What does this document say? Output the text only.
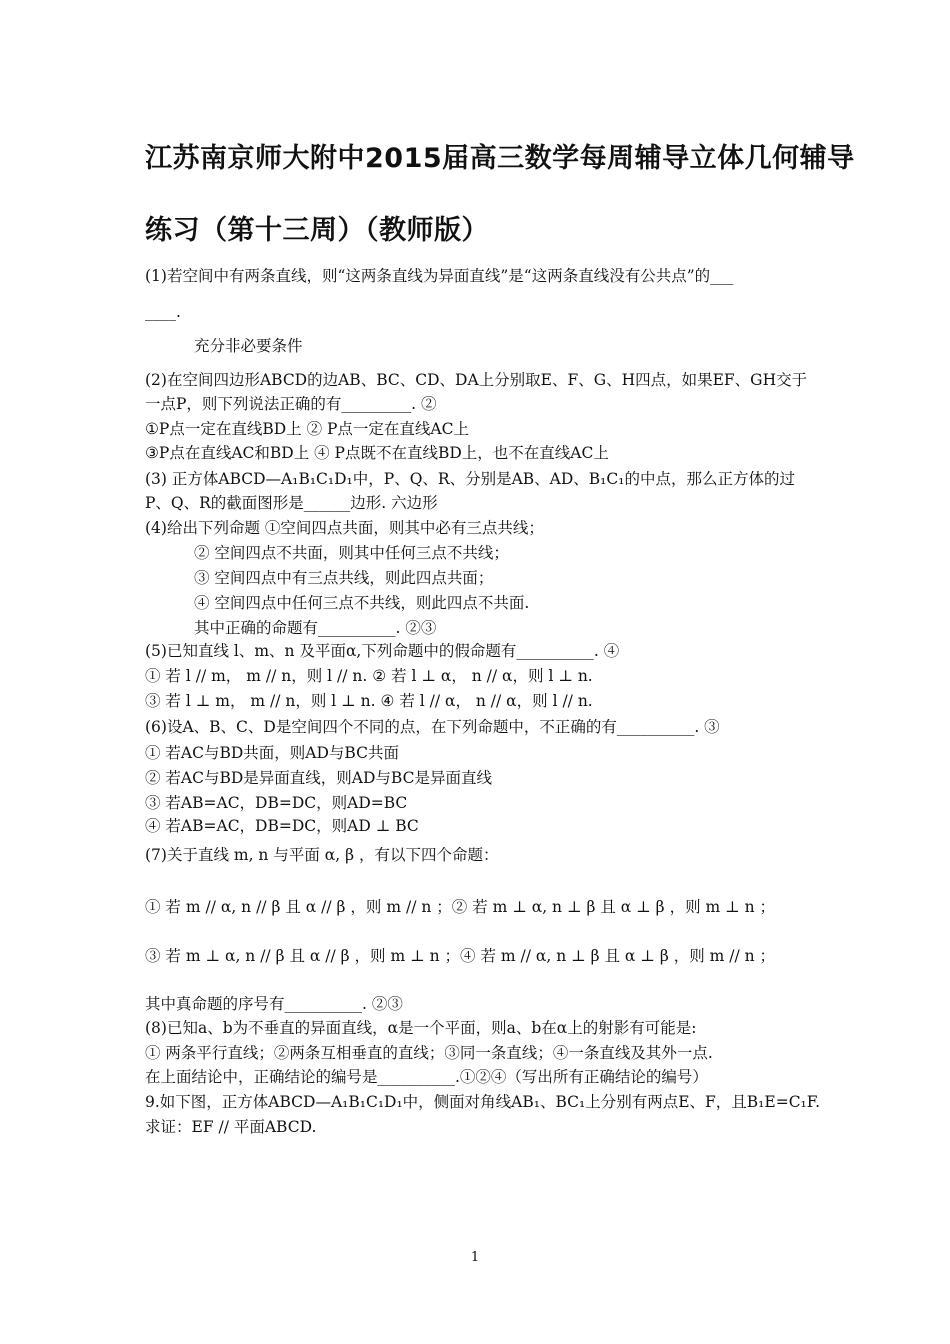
江苏南京师大附中2015届高三数学每周辅导立体几何辅导
练习（第十三周）（教师版）
(1)若空间中有两条直线，则“这两条直线为异面直线”是“这两条直线没有公共点”的___
____.
充分非必要条件
(2)在空间四边形ABCD的边AB、BC、CD、DA上分别取E、F、G、H四点，如果EF、GH交于
一点P，则下列说法正确的有_________. ②
①P点一定在直线BD上 ② P点一定在直线AC上
③P点在直线AC和BD上 ④ P点既不在直线BD上，也不在直线AC上
(3) 正方体ABCD—A₁B₁C₁D₁中，P、Q、R、分别是AB、AD、B₁C₁的中点，那么正方体的过
P、Q、R的截面图形是______边形. 六边形
(4)给出下列命题 ①空间四点共面，则其中必有三点共线；
② 空间四点不共面，则其中任何三点不共线；
③ 空间四点中有三点共线，则此四点共面；
④ 空间四点中任何三点不共线，则此四点不共面.
其中正确的命题有__________. ②③
(5)已知直线 l、m、n 及平面α,下列命题中的假命题有__________. ④
① 若 l // m， m // n，则 l // n. ② 若 l ⊥ α， n // α，则 l ⊥ n.
③ 若 l ⊥ m， m // n，则 l ⊥ n. ④ 若 l // α， n // α，则 l // n.
(6)设A、B、C、D是空间四个不同的点，在下列命题中，不正确的有__________. ③
① 若AC与BD共面，则AD与BC共面
② 若AC与BD是异面直线，则AD与BC是异面直线
③ 若AB=AC，DB=DC，则AD=BC
④ 若AB=AC，DB=DC，则AD ⊥ BC
(7)关于直线 m, n 与平面 α, β ，有以下四个命题：
① 若 m // α, n // β 且 α // β ，则 m // n ；② 若 m ⊥ α, n ⊥ β 且 α ⊥ β ，则 m ⊥ n ；
③ 若 m ⊥ α, n // β 且 α // β ，则 m ⊥ n ；④ 若 m // α, n ⊥ β 且 α ⊥ β ，则 m // n ；
其中真命题的序号有__________. ②③
(8)已知a、b为不垂直的异面直线，α是一个平面，则a、b在α上的射影有可能是:
① 两条平行直线；②两条互相垂直的直线；③同一条直线；④一条直线及其外一点.
在上面结论中，正确结论的编号是__________.①②④（写出所有正确结论的编号）
9.如下图，正方体ABCD—A₁B₁C₁D₁中，侧面对角线AB₁、BC₁上分别有两点E、F，且B₁E=C₁F.
求证：EF // 平面ABCD.
1
